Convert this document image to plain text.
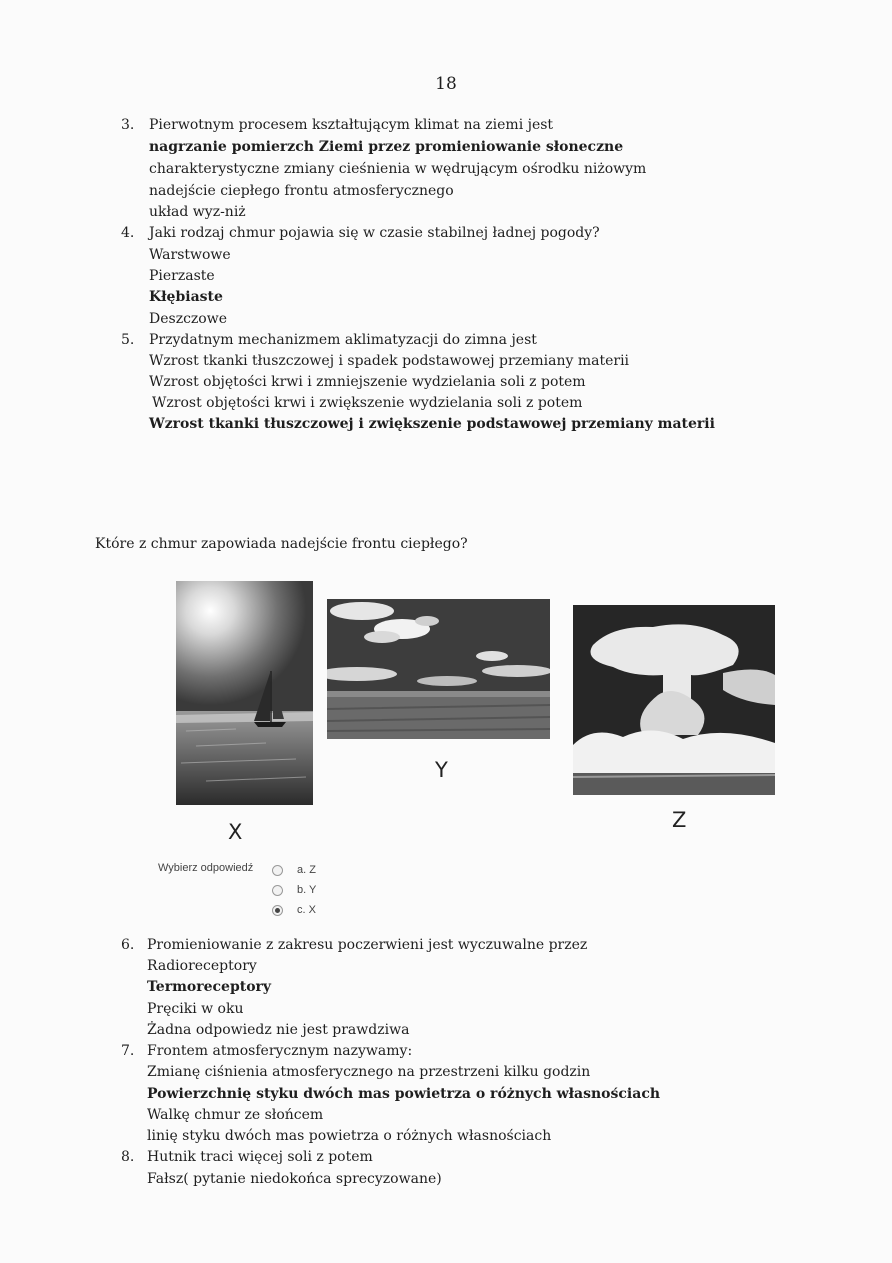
18
3. Pierwotnym procesem kształtującym klimat na ziemi jest
nagrzanie pomierzch Ziemi przez promieniowanie słoneczne
charakterystyczne zmiany cieśnienia w wędrującym ośrodku niżowym
nadejście ciepłego frontu atmosferycznego
układ wyz-niż
4. Jaki rodzaj chmur pojawia się w czasie stabilnej ładnej pogody?
Warstwowe
Pierzaste
Kłębiaste
Deszczowe
5. Przydatnym mechanizmem aklimatyzacji do zimna jest
Wzrost tkanki tłuszczowej i spadek podstawowej przemiany materii
Wzrost objętości krwi i zmniejszenie wydzielania soli z potem
Wzrost objętości krwi i zwiększenie wydzielania soli z potem
Wzrost tkanki tłuszczowej i zwiększenie podstawowej przemiany materii
Które z chmur zapowiada nadejście frontu ciepłego?
X
Y
Z
Wybierz odpowiedź	a. Z
b. Y
c. X
6. Promieniowanie z zakresu poczerwieni jest wyczuwalne przez
Radioreceptory
Termoreceptory
Pręciki w oku
Żadna odpowiedz nie jest prawdziwa
7. Frontem atmosferycznym nazywamy:
Zmianę ciśnienia atmosferycznego na przestrzeni kilku godzin
Powierzchnię styku dwóch mas powietrza o różnych własnościach
Walkę chmur ze słońcem
linię styku dwóch mas powietrza o różnych własnościach
8. Hutnik traci więcej soli z potem
Fałsz( pytanie niedokońca sprecyzowane)
